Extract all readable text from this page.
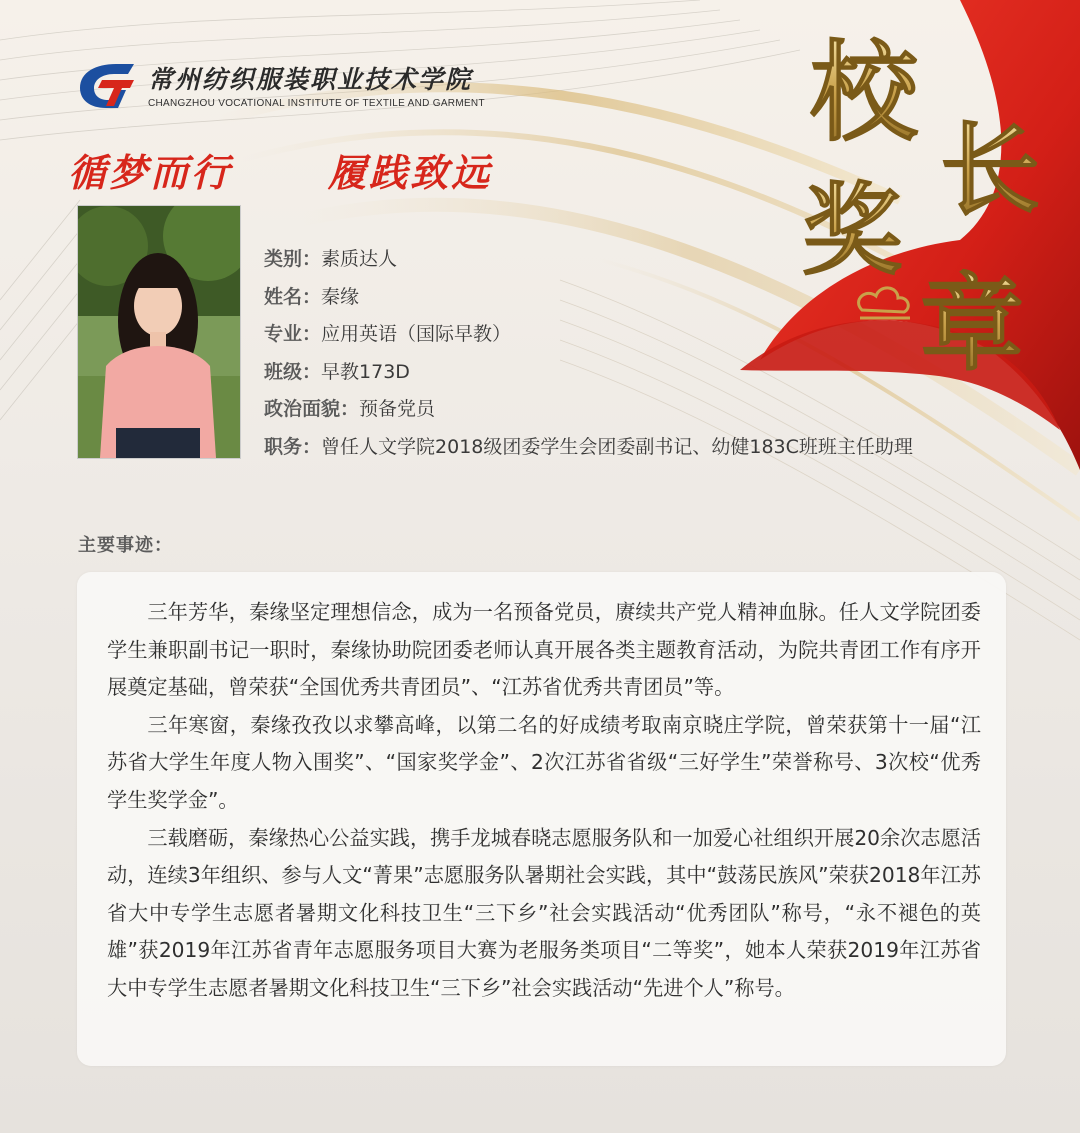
常州纺织服装职业技术学院
CHANGZHOU VOCATIONAL INSTITUTE OF TEXTILE AND GARMENT
循梦而行	履践致远
校
长
奖
章
类别：素质达人
姓名：秦缘
专业：应用英语（国际早教）
班级：早教173D
政治面貌：预备党员
职务：曾任人文学院2018级团委学生会团委副书记、幼健183C班班主任助理
主要事迹：

三年芳华，秦缘坚定理想信念，成为一名预备党员，赓续共产党人精神血脉。任人文学院团委学生兼职副书记一职时，秦缘协助院团委老师认真开展各类主题教育活动，为院共青团工作有序开展奠定基础，曾荣获“全国优秀共青团员”、“江苏省优秀共青团员”等。

三年寒窗，秦缘孜孜以求攀高峰，以第二名的好成绩考取南京晓庄学院，曾荣获第十一届“江苏省大学生年度人物入围奖”、“国家奖学金”、2次江苏省省级“三好学生”荣誉称号、3次校“优秀学生奖学金”。

三载磨砺，秦缘热心公益实践，携手龙城春晓志愿服务队和一加爱心社组织开展20余次志愿活动，连续3年组织、参与人文“菁果”志愿服务队暑期社会实践，其中“鼓荡民族风”荣获2018年江苏省大中专学生志愿者暑期文化科技卫生“三下乡”社会实践活动“优秀团队”称号，“永不褪色的英雄”获2019年江苏省青年志愿服务项目大赛为老服务类项目“二等奖”，她本人荣获2019年江苏省大中专学生志愿者暑期文化科技卫生“三下乡”社会实践活动“先进个人”称号。
